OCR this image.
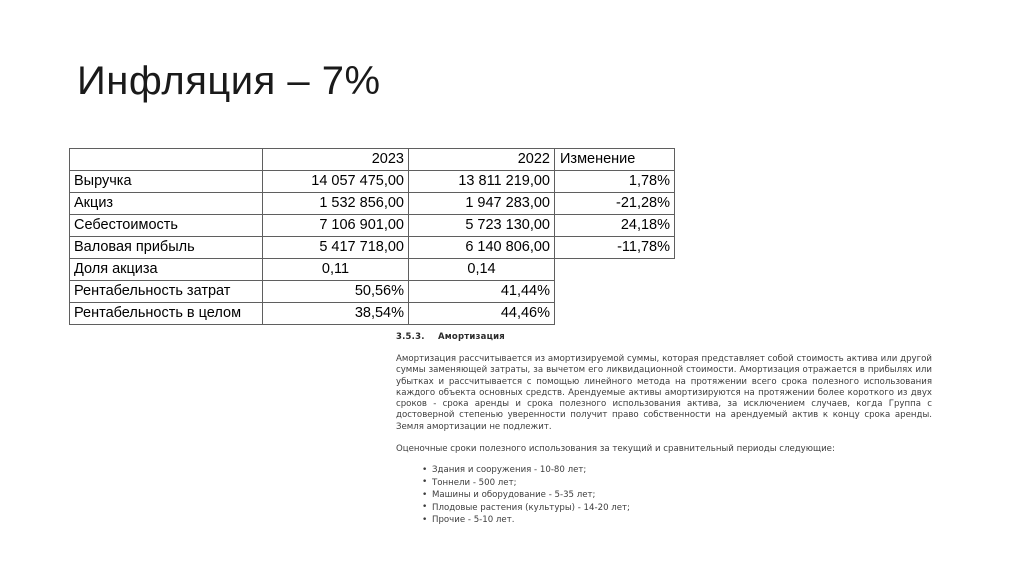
Инфляция – 7%
	2023	2022	Изменение
Выручка	14 057 475,00	13 811 219,00	1,78%
Акциз	1 532 856,00	1 947 283,00	-21,28%
Себестоимость	7 106 901,00	5 723 130,00	24,18%
Валовая прибыль	5 417 718,00	6 140 806,00	-11,78%
Доля акциза	0,11	0,14	

Рентабельность затрат	50,56%	41,44%	

Рентабельность в целом	38,54%	44,46%	
3.5.3. Амортизация

Амортизация рассчитывается из амортизируемой суммы, которая представляет собой стоимость актива или другой суммы заменяющей затраты, за вычетом его ликвидационной стоимости. Амортизация отражается в прибылях или убытках и рассчитывается с помощью линейного метода на протяжении всего срока полезного использования каждого объекта основных средств. Арендуемые активы амортизируются на протяжении более короткого из двух сроков - срока аренды и срока полезного использования актива, за исключением случаев, когда Группа с достоверной степенью уверенности получит право собственности на арендуемый актив к концу срока аренды. Земля амортизации не подлежит.

Оценочные сроки полезного использования за текущий и сравнительный периоды следующие:

• Здания и сооружения - 10-80 лет;
• Тоннели - 500 лет;
• Машины и оборудование - 5-35 лет;
• Плодовые растения (культуры) - 14-20 лет;
• Прочие - 5-10 лет.
